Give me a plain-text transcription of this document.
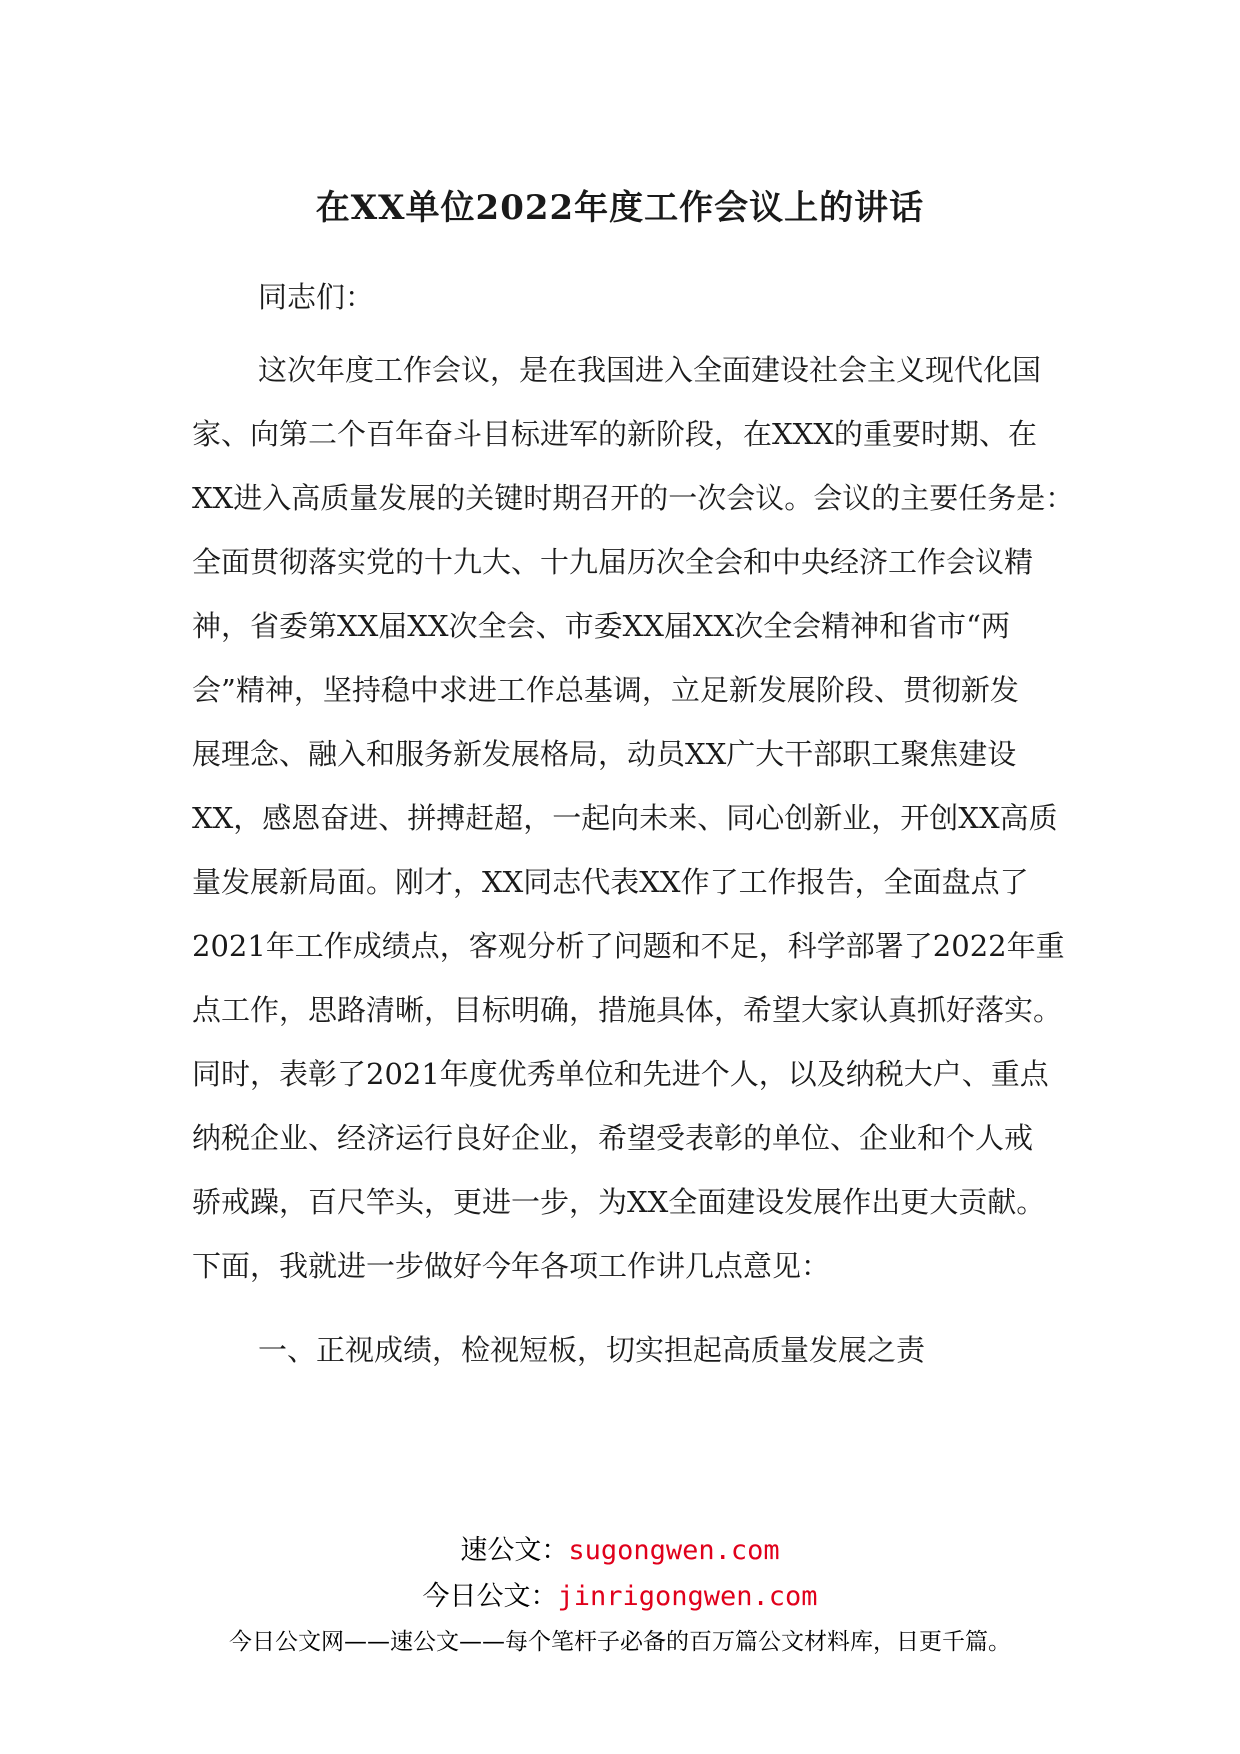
在XX单位2022年度工作会议上的讲话

同志们：

这次年度工作会议，是在我国进入全面建设社会主义现代化国
家、向第二个百年奋斗目标进军的新阶段，在XXX的重要时期、在
XX进入高质量发展的关键时期召开的一次会议。会议的主要任务是：
全面贯彻落实党的十九大、十九届历次全会和中央经济工作会议精
神，省委第XX届XX次全会、市委XX届XX次全会精神和省市“两
会”精神，坚持稳中求进工作总基调，立足新发展阶段、贯彻新发
展理念、融入和服务新发展格局，动员XX广大干部职工聚焦建设
XX，感恩奋进、拼搏赶超，一起向未来、同心创新业，开创XX高质
量发展新局面。刚才，XX同志代表XX作了工作报告，全面盘点了
2021年工作成绩点，客观分析了问题和不足，科学部署了2022年重
点工作，思路清晰，目标明确，措施具体，希望大家认真抓好落实。
同时，表彰了2021年度优秀单位和先进个人，以及纳税大户、重点
纳税企业、经济运行良好企业，希望受表彰的单位、企业和个人戒
骄戒躁，百尺竿头，更进一步，为XX全面建设发展作出更大贡献。
下面，我就进一步做好今年各项工作讲几点意见：

一、正视成绩，检视短板，切实担起高质量发展之责

速公文：sugongwen.com

今日公文：jinrigongwen.com

今日公文网——速公文——每个笔杆子必备的百万篇公文材料库，日更千篇。
